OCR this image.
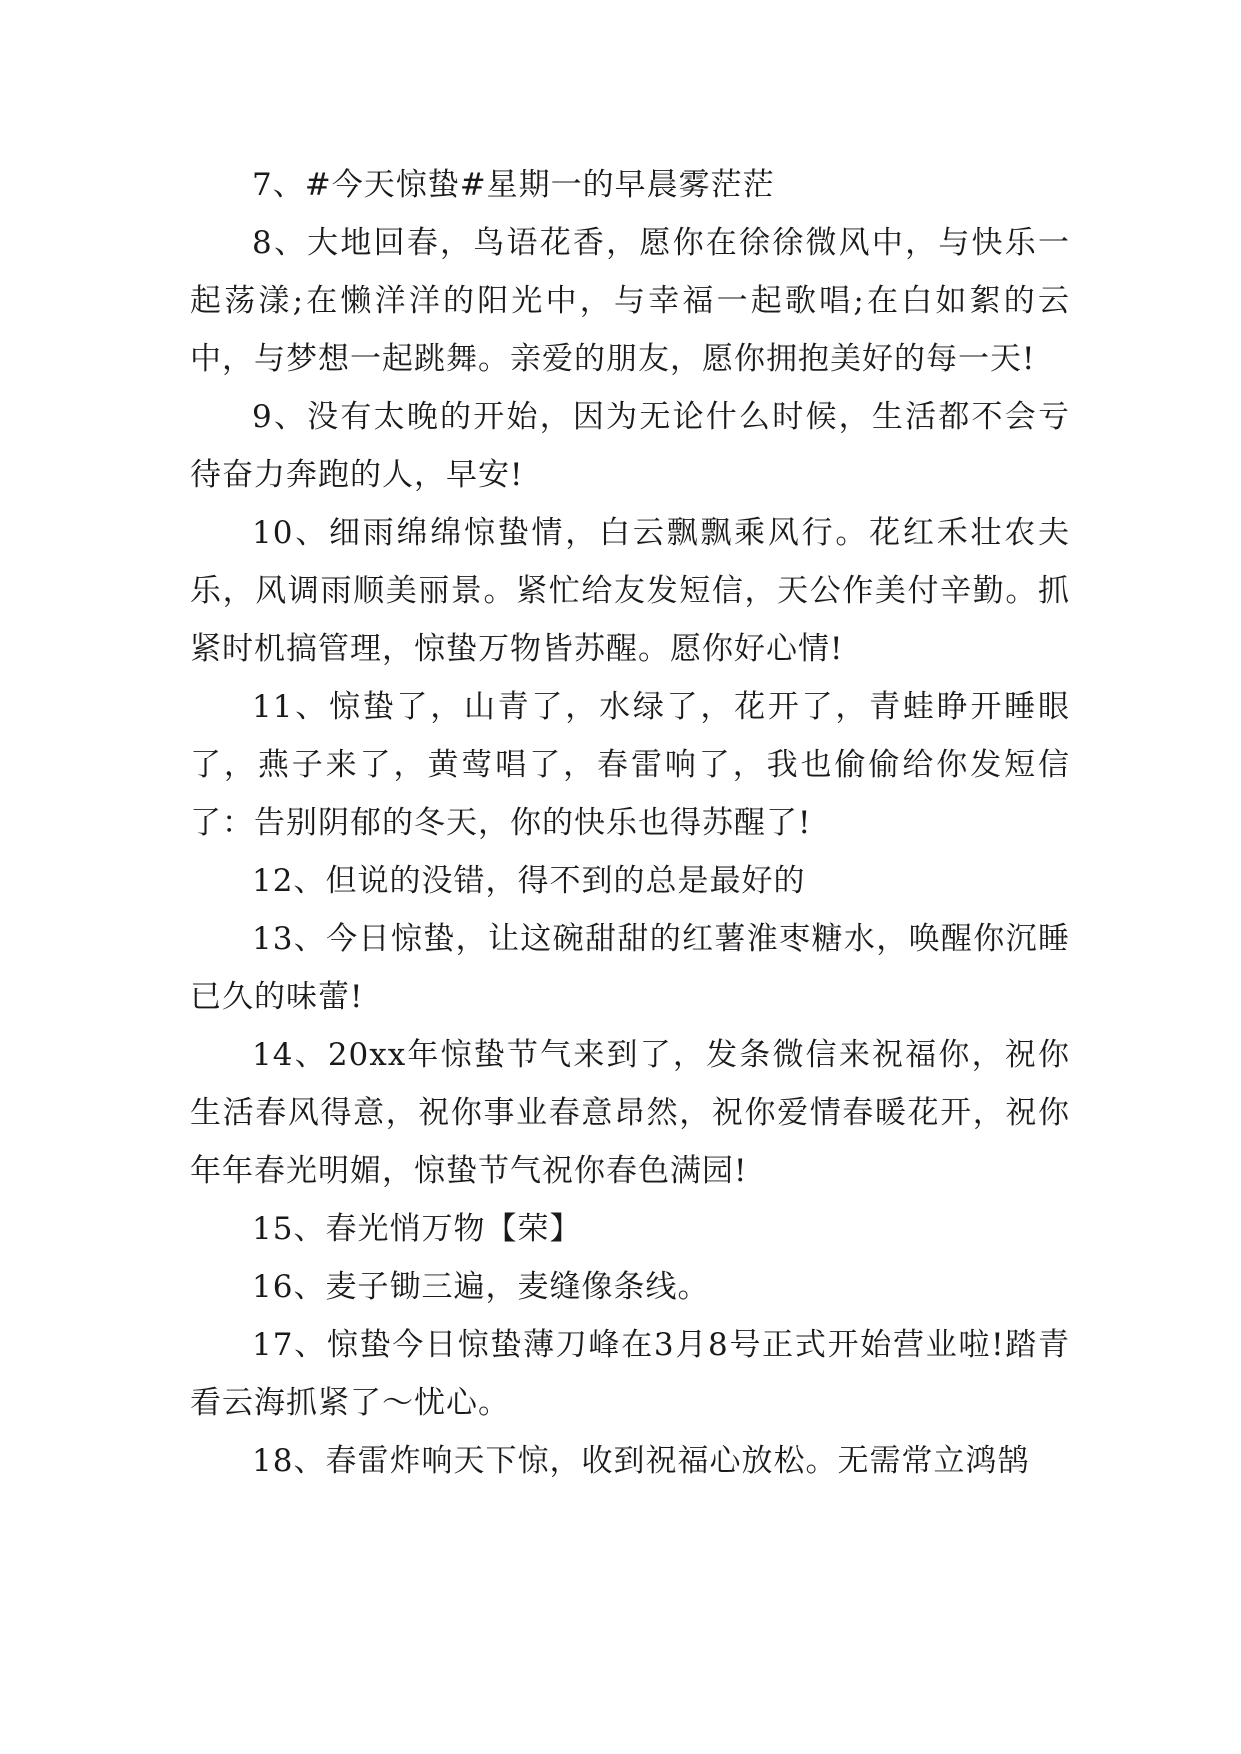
7、#今天惊蛰#星期一的早晨雾茫茫

8、大地回春，鸟语花香，愿你在徐徐微风中，与快乐一起荡漾;在懒洋洋的阳光中，与幸福一起歌唱;在白如絮的云中，与梦想一起跳舞。亲爱的朋友，愿你拥抱美好的每一天!

9、没有太晚的开始，因为无论什么时候，生活都不会亏待奋力奔跑的人，早安!

10、细雨绵绵惊蛰情，白云飘飘乘风行。花红禾壮农夫乐，风调雨顺美丽景。紧忙给友发短信，天公作美付辛勤。抓紧时机搞管理，惊蛰万物皆苏醒。愿你好心情!

11、惊蛰了，山青了，水绿了，花开了，青蛙睁开睡眼了，燕子来了，黄莺唱了，春雷响了，我也偷偷给你发短信了：告别阴郁的冬天，你的快乐也得苏醒了!

12、但说的没错，得不到的总是最好的

13、今日惊蛰，让这碗甜甜的红薯淮枣糖水，唤醒你沉睡已久的味蕾!

14、20xx年惊蛰节气来到了，发条微信来祝福你，祝你生活春风得意，祝你事业春意昂然，祝你爱情春暖花开，祝你年年春光明媚，惊蛰节气祝你春色满园!

15、春光悄万物【荣】

16、麦子锄三遍，麦缝像条线。

17、惊蛰今日惊蛰薄刀峰在3月8号正式开始营业啦!踏青看云海抓紧了～忧心。

18、春雷炸响天下惊，收到祝福心放松。无需常立鸿鹄
